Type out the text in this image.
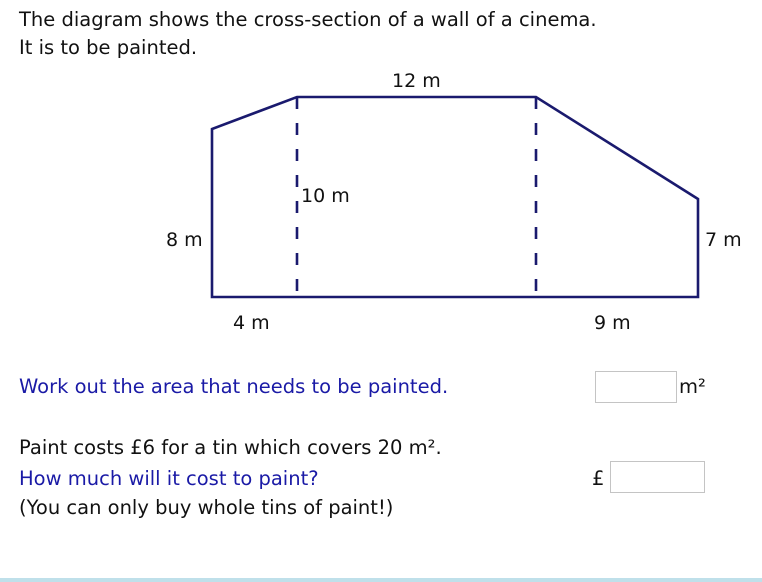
The diagram shows the cross-section of a wall of a cinema.
It is to be painted.
12 m
10 m
8 m	7 m
4 m	9 m
Work out the area that needs to be painted.	m²
Paint costs £6 for a tin which covers 20 m².
How much will it cost to paint?
(You can only buy whole tins of paint!)
£
